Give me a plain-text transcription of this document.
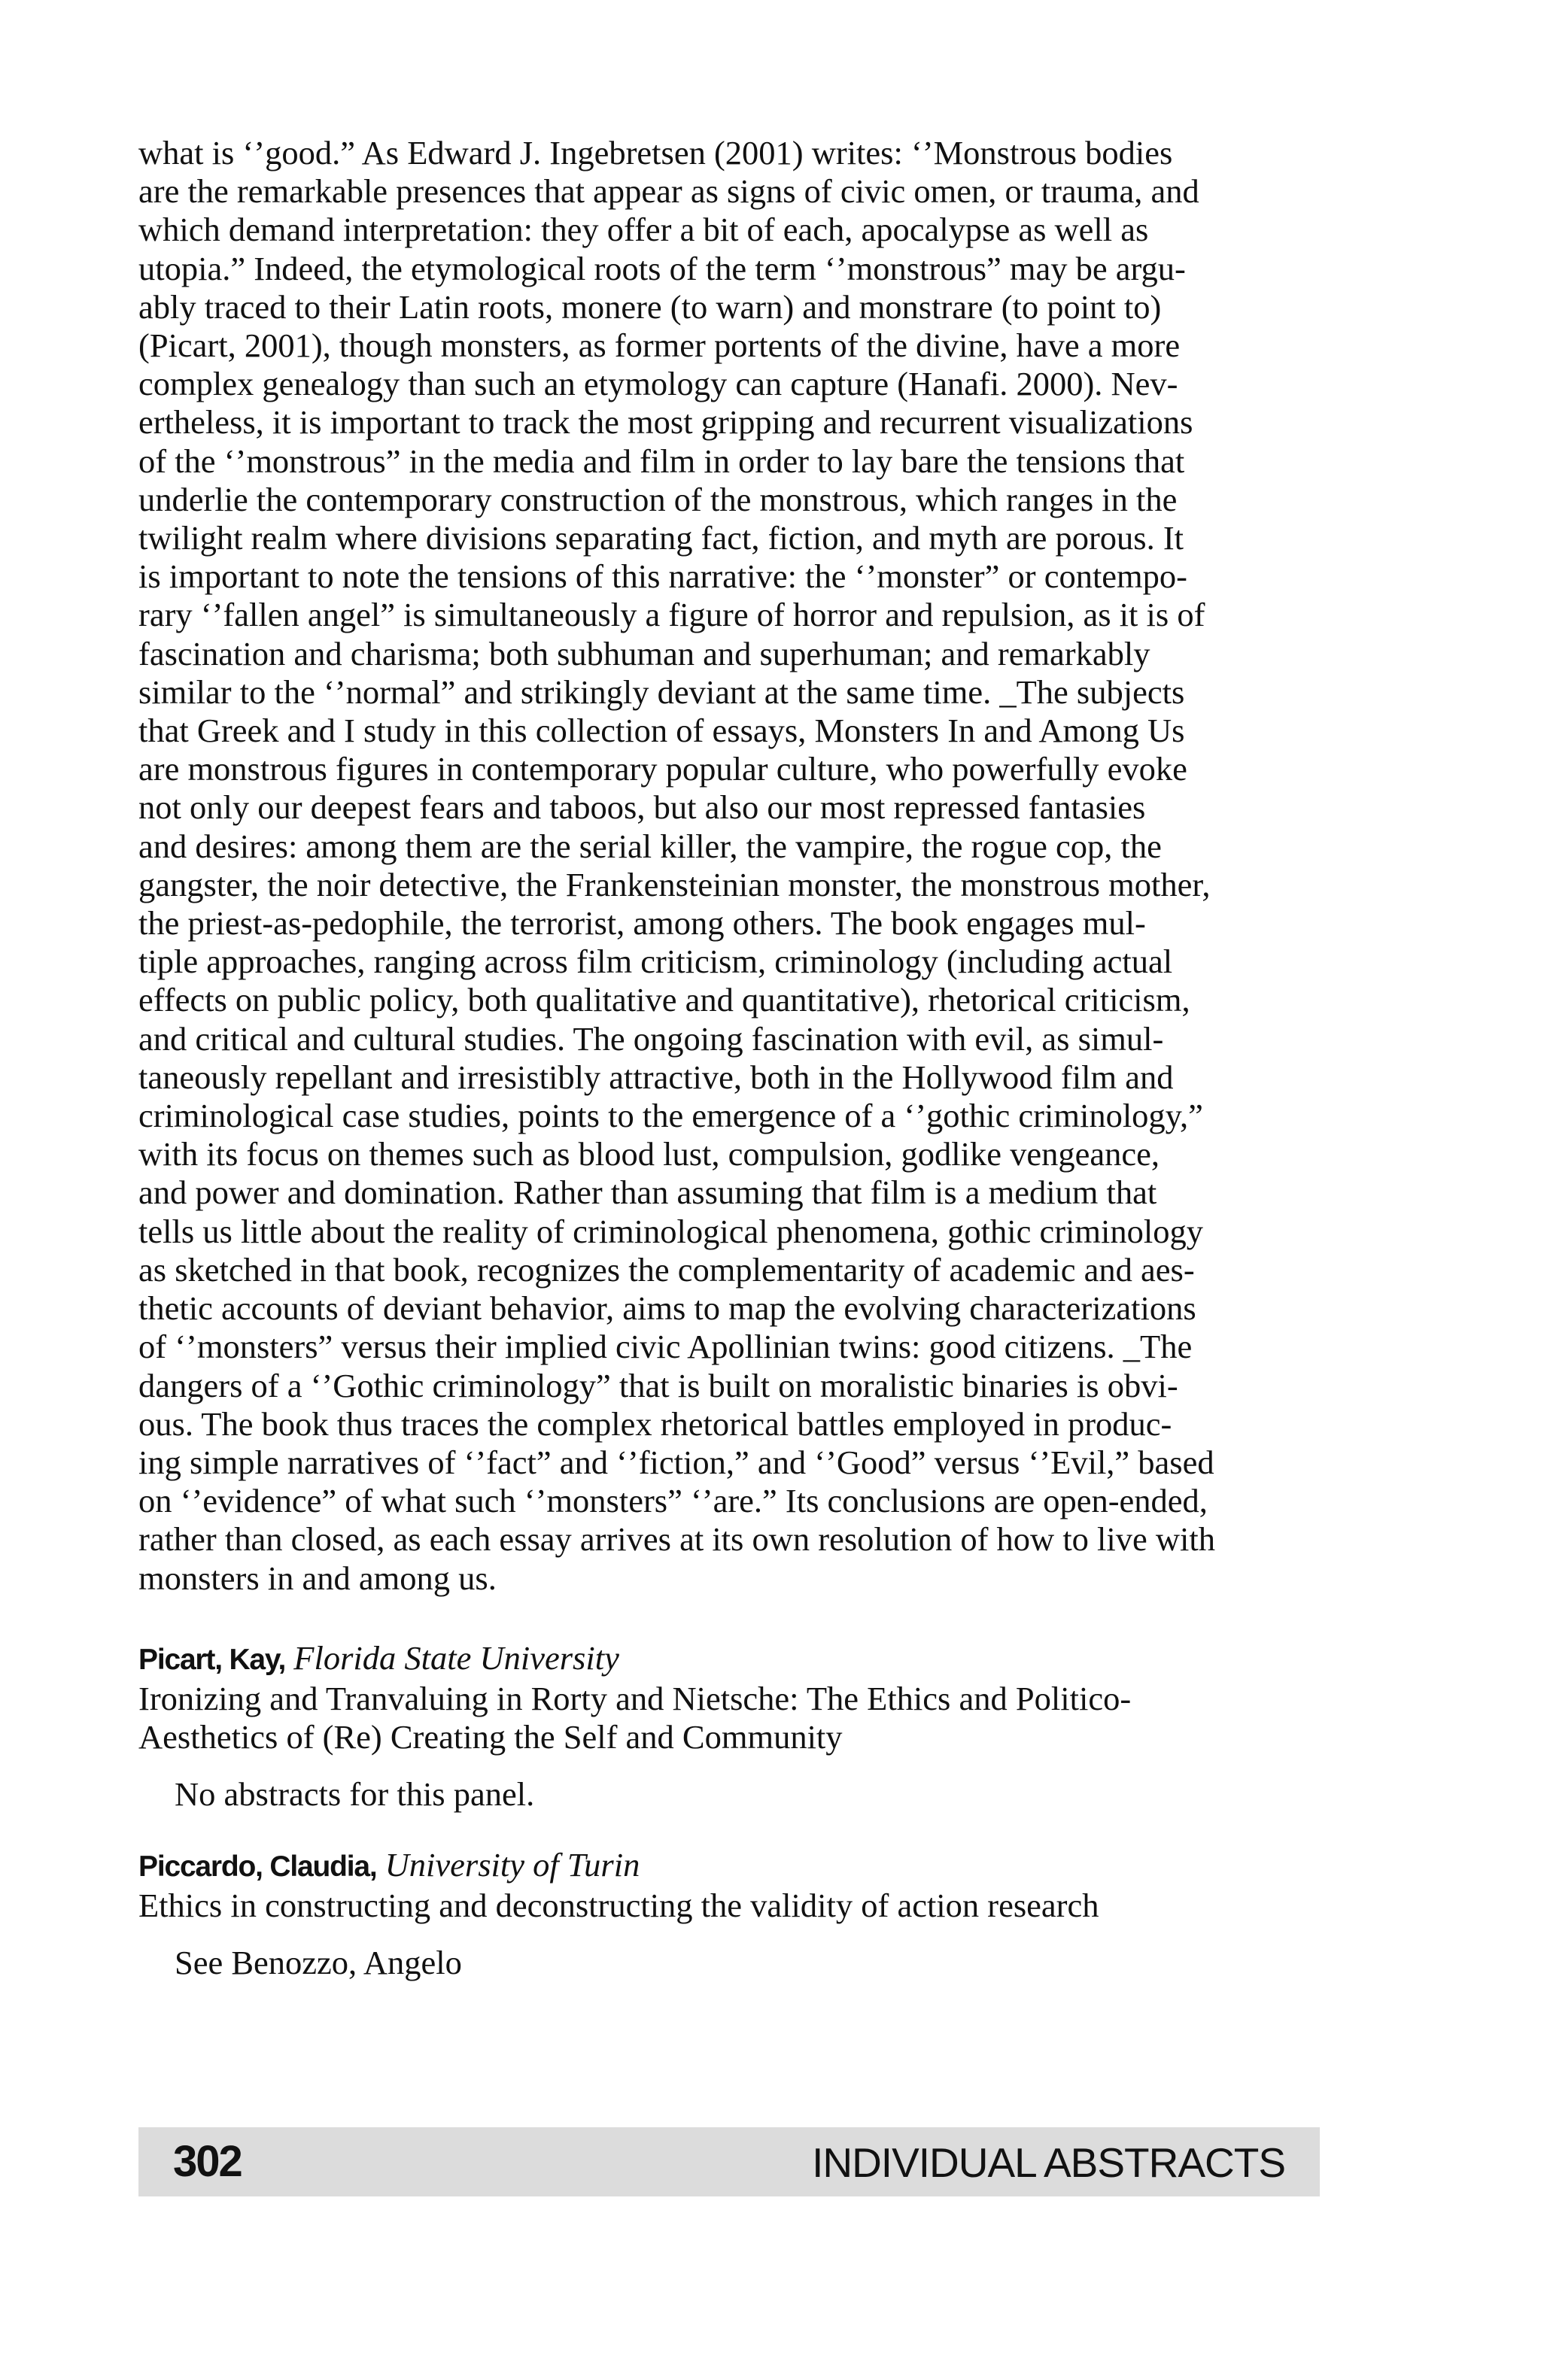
what is ‘’good.” As Edward J. Ingebretsen (2001) writes: ‘’Monstrous bodies
are the remarkable presences that appear as signs of civic omen, or trauma, and
which demand interpretation: they offer a bit of each, apocalypse as well as
utopia.” Indeed, the etymological roots of the term ‘’monstrous” may be argu-
ably traced to their Latin roots, monere (to warn) and monstrare (to point to)
(Picart, 2001), though monsters, as former portents of the divine, have a more
complex genealogy than such an etymology can capture (Hanafi. 2000). Nev-
ertheless, it is important to track the most gripping and recurrent visualizations
of the ‘’monstrous” in the media and film in order to lay bare the tensions that
underlie the contemporary construction of the monstrous, which ranges in the
twilight realm where divisions separating fact, fiction, and myth are porous. It
is important to note the tensions of this narrative: the ‘’monster” or contempo-
rary ‘’fallen angel” is simultaneously a figure of horror and repulsion, as it is of
fascination and charisma; both subhuman and superhuman; and remarkably
similar to the ‘’normal” and strikingly deviant at the same time. _The subjects
that Greek and I study in this collection of essays, Monsters In and Among Us
are monstrous figures in contemporary popular culture, who powerfully evoke
not only our deepest fears and taboos, but also our most repressed fantasies
and desires: among them are the serial killer, the vampire, the rogue cop, the
gangster, the noir detective, the Frankensteinian monster, the monstrous mother,
the priest-as-pedophile, the terrorist, among others. The book engages mul-
tiple approaches, ranging across film criticism, criminology (including actual
effects on public policy, both qualitative and quantitative), rhetorical criticism,
and critical and cultural studies. The ongoing fascination with evil, as simul-
taneously repellant and irresistibly attractive, both in the Hollywood film and
criminological case studies, points to the emergence of a ‘’gothic criminology,”
with its focus on themes such as blood lust, compulsion, godlike vengeance,
and power and domination. Rather than assuming that film is a medium that
tells us little about the reality of criminological phenomena, gothic criminology
as sketched in that book, recognizes the complementarity of academic and aes-
thetic accounts of deviant behavior, aims to map the evolving characterizations
of ‘’monsters” versus their implied civic Apollinian twins: good citizens. _The
dangers of a ‘’Gothic criminology” that is built on moralistic binaries is obvi-
ous. The book thus traces the complex rhetorical battles employed in produc-
ing simple narratives of ‘’fact” and ‘’fiction,” and ‘’Good” versus ‘’Evil,” based
on ‘’evidence” of what such ‘’monsters” ‘’are.” Its conclusions are open-ended,
rather than closed, as each essay arrives at its own resolution of how to live with
monsters in and among us.
Picart, Kay, Florida State University
Ironizing and Tranvaluing in Rorty and Nietsche: The Ethics and Politico-
Aesthetics of (Re) Creating the Self and Community
No abstracts for this panel.
Piccardo, Claudia, University of Turin
Ethics in constructing and deconstructing the validity of action research
See Benozzo, Angelo
302	INDIVIDUAL ABSTRACTS
